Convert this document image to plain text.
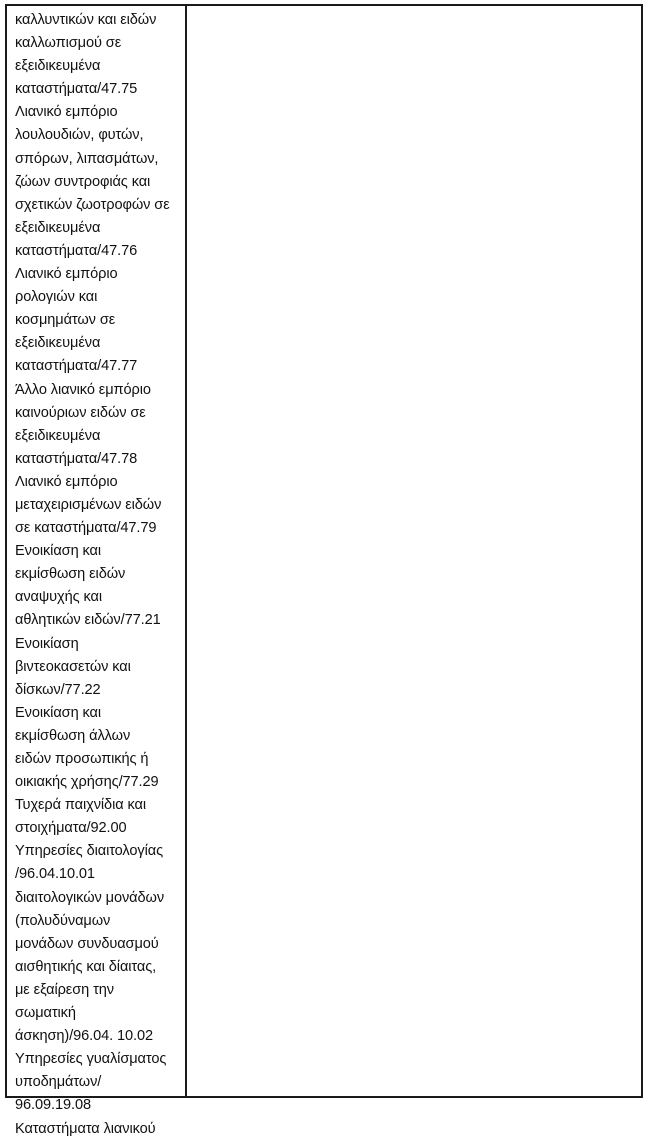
καλλυντικών και ειδών
καλλωπισμού σε
εξειδικευμένα
καταστήματα/47.75
Λιανικό εμπόριο
λουλουδιών, φυτών,
σπόρων, λιπασμάτων,
ζώων συντροφιάς και
σχετικών ζωοτροφών σε
εξειδικευμένα
καταστήματα/47.76
Λιανικό εμπόριο
ρολογιών και
κοσμημάτων σε
εξειδικευμένα
καταστήματα/47.77
Άλλο λιανικό εμπόριο
καινούριων ειδών σε
εξειδικευμένα
καταστήματα/47.78
Λιανικό εμπόριο
μεταχειρισμένων ειδών
σε καταστήματα/47.79
Ενοικίαση και
εκμίσθωση ειδών
αναψυχής και
αθλητικών ειδών/77.21
Ενοικίαση
βιντεοκασετών και
δίσκων/77.22
Ενοικίαση και
εκμίσθωση άλλων
ειδών προσωπικής ή
οικιακής χρήσης/77.29
Τυχερά παιχνίδια και
στοιχήματα/92.00
Υπηρεσίες διαιτολογίας
/96.04.10.01
διαιτολογικών μονάδων
(πολυδύναμων
μονάδων συνδυασμού
αισθητικής και δίαιτας,
με εξαίρεση την
σωματική
άσκηση)/96.04. 10.02
Υπηρεσίες γυαλίσματος
υποδημάτων/
96.09.19.08
Καταστήματα λιανικού
